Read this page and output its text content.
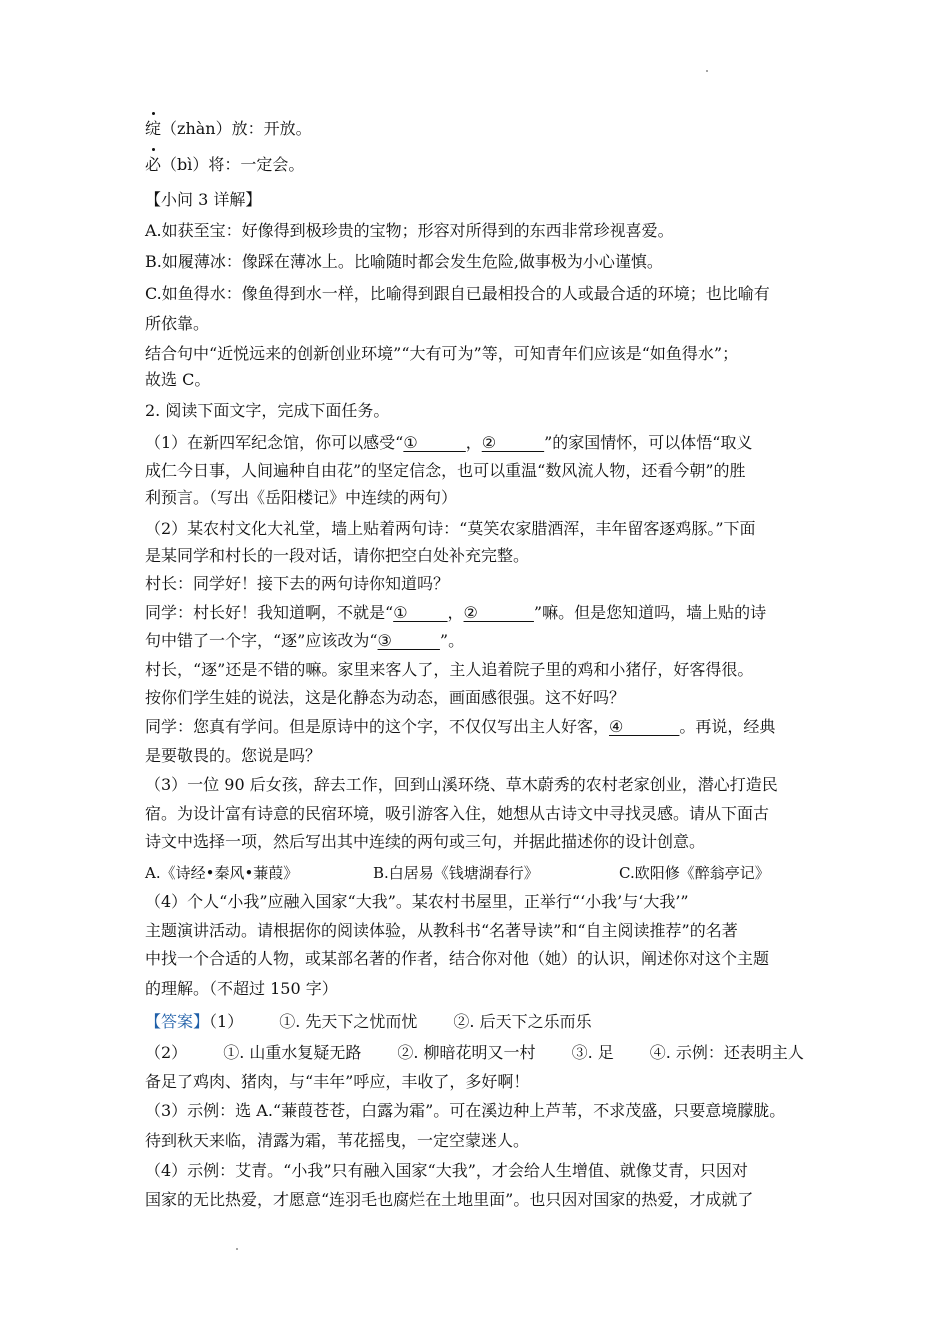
绽（zhàn）放：开放。
必（bì）将：一定会。
【小问 3 详解】
A.如获至宝：好像得到极珍贵的宝物；形容对所得到的东西非常珍视喜爱。
B.如履薄冰：像踩在薄冰上。比喻随时都会发生危险,做事极为小心谨慎。
C.如鱼得水：像鱼得到水一样，比喻得到跟自已最相投合的人或最合适的环境；也比喻有
所依靠。
结合句中“近悦远来的创新创业环境”“大有可为”等，可知青年们应该是“如鱼得水”；
故选 C。
2. 阅读下面文字，完成下面任务。
（1）在新四军纪念馆，你可以感受“①______，②______”的家国情怀，可以体悟“取义
成仁今日事，人间遍种自由花”的坚定信念，也可以重温“数风流人物，还看今朝”的胜
利预言。（写出《岳阳楼记》中连续的两句）
（2）某农村文化大礼堂，墙上贴着两句诗：“莫笑农家腊酒浑，丰年留客逐鸡豚。”下面
是某同学和村长的一段对话，请你把空白处补充完整。
村长：同学好！接下去的两句诗你知道吗？
同学：村长好！我知道啊，不就是“①_____，②_______”嘛。但是您知道吗，墙上贴的诗
句中错了一个字，“逐”应该改为“③______”。
村长，“逐”还是不错的嘛。家里来客人了，主人追着院子里的鸡和小猪仔，好客得很。
按你们学生娃的说法，这是化静态为动态，画面感很强。这不好吗？
同学：您真有学问。但是原诗中的这个字，不仅仅写出主人好客，④_______。再说，经典
是要敬畏的。您说是吗？
（3）一位 90 后女孩，辞去工作，回到山溪环绕、草木蔚秀的农村老家创业，潜心打造民
宿。为设计富有诗意的民宿环境，吸引游客入住，她想从古诗文中寻找灵感。请从下面古
诗文中选择一项，然后写出其中连续的两句或三句，并据此描述你的设计创意。
A.《诗经•秦风•蒹葭》	B.白居易《钱塘湖春行》	C.欧阳修《醉翁亭记》
（4）个人“小我”应融入国家“大我”。某农村书屋里，正举行“‘小我’与‘大我’”
主题演讲活动。请根据你的阅读体验，从教科书“名著导读”和“自主阅读推荐”的名著
中找一个合适的人物，或某部名著的作者，结合你对他（她）的认识，阐述你对这个主题
的理解。（不超过 150 字）
【答案】（1） ①. 先天下之忧而忧 ②. 后天下之乐而乐
（2） ①. 山重水复疑无路 ②. 柳暗花明又一村 ③. 足 ④. 示例：还表明主人
备足了鸡肉、猪肉，与“丰年”呼应，丰收了，多好啊！
（3）示例：选 A.“蒹葭苍苍，白露为霜”。可在溪边种上芦苇，不求茂盛，只要意境朦胧。
待到秋天来临，清露为霜，苇花摇曳，一定空蒙迷人。
（4）示例：艾青。“小我”只有融入国家“大我”，才会给人生增值、就像艾青，只因对
国家的无比热爱，才愿意“连羽毛也腐烂在土地里面”。也只因对国家的热爱，才成就了
